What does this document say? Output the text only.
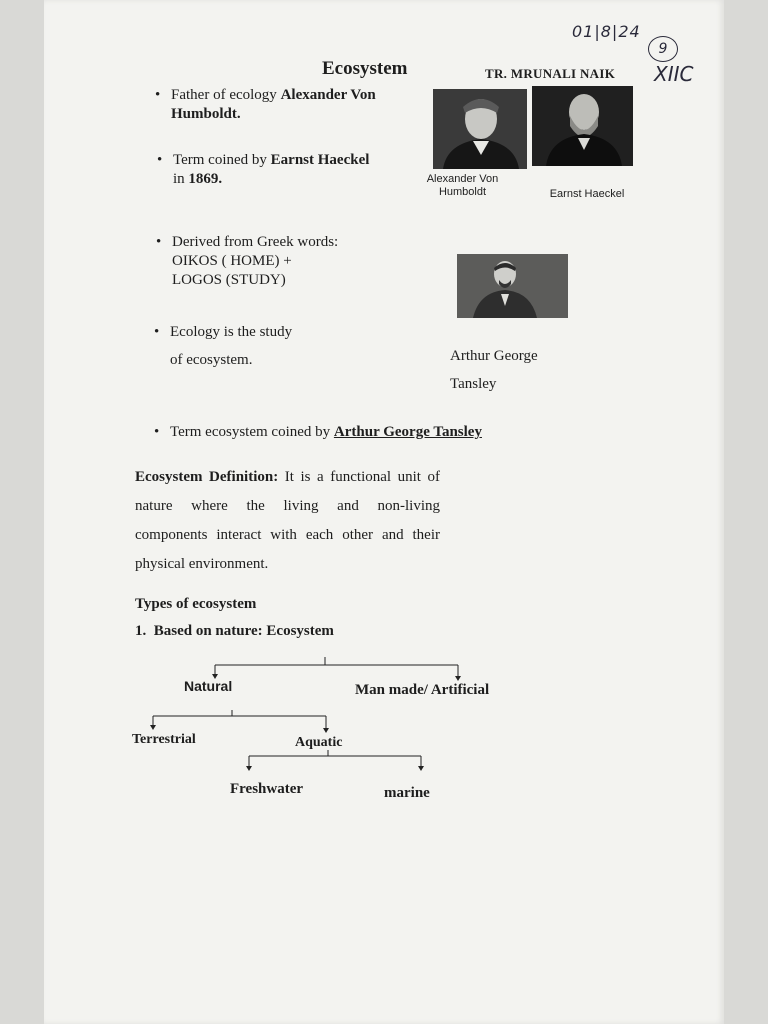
01|8|24
9
XIIC
Ecosystem	TR. MRUNALI NAIK
• Father of ecology Alexander Von Humboldt.
• Term coined by Earnst Haeckel in 1869.
• Derived from Greek words: OIKOS ( HOME) + LOGOS (STUDY)
• Ecology is the study of ecosystem.
• Term ecosystem coined by Arthur George Tansley
Alexander Von Humboldt	Earnst Haeckel
Arthur George Tansley
Ecosystem Definition: It is a functional unit of nature where the living and non-living components interact with each other and their physical environment.
Types of ecosystem
1. Based on nature: Ecosystem
Natural	Man made/ Artificial
Terrestrial	Aquatic
Freshwater	marine
